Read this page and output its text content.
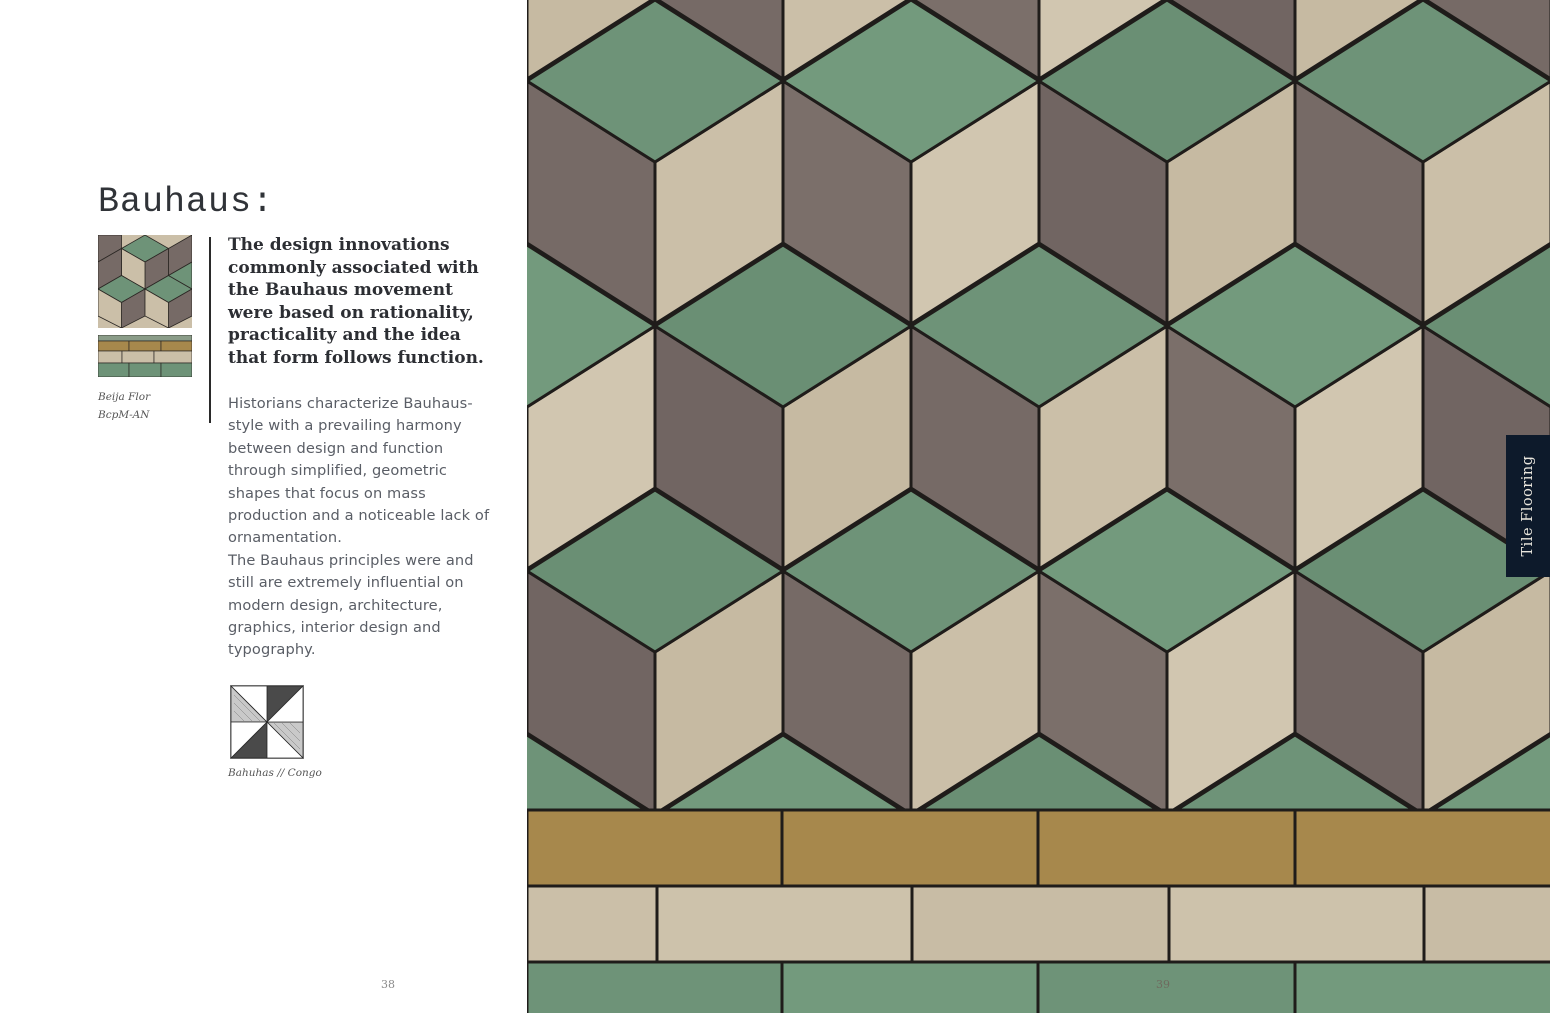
Bauhaus:
Beija Flor
BcpM-AN

The design innovations commonly associated with the Bauhaus movement were based on rationality, practicality and the idea that form follows function.

Historians characterize Bauhaus-style with a prevailing harmony between design and function through simplified, geometric shapes that focus on mass production and a noticeable lack of ornamentation.
The Bauhaus principles were and still are extremely influential on modern design, architecture, graphics, interior design and typography.
Bahuhas // Congo
38	39
Tile Flooring
